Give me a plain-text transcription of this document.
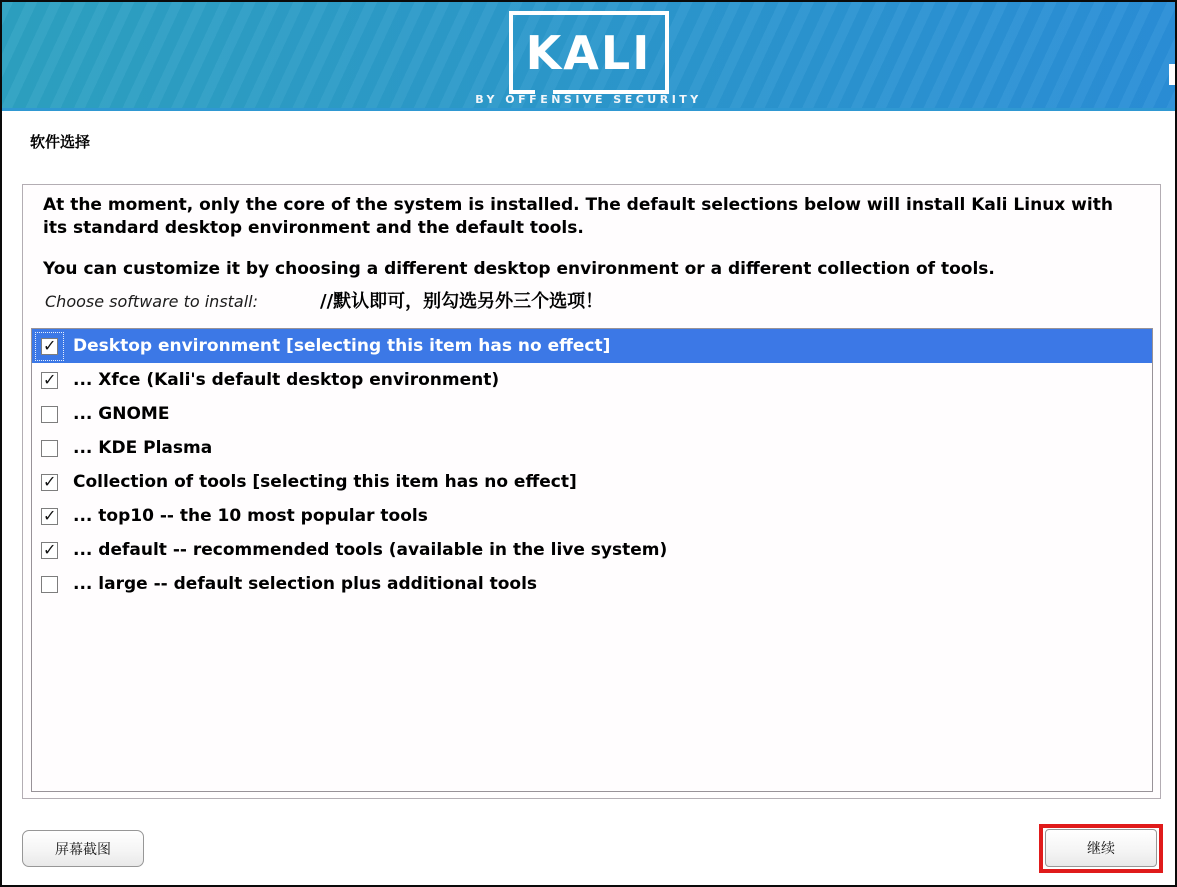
KALI
BY OFFENSIVE SECURITY
软件选择
At the moment, only the core of the system is installed. The default selections below will install Kali Linux with its standard desktop environment and the default tools.
You can customize it by choosing a different desktop environment or a different collection of tools.
Choose software to install:	//默认即可，别勾选另外三个选项！
✓
Desktop environment [selecting this item has no effect]
✓
... Xfce (Kali's default desktop environment)
... GNOME
... KDE Plasma
✓
Collection of tools [selecting this item has no effect]
✓
... top10 -- the 10 most popular tools
✓
... default -- recommended tools (available in the live system)
... large -- default selection plus additional tools
屏幕截图	继续
